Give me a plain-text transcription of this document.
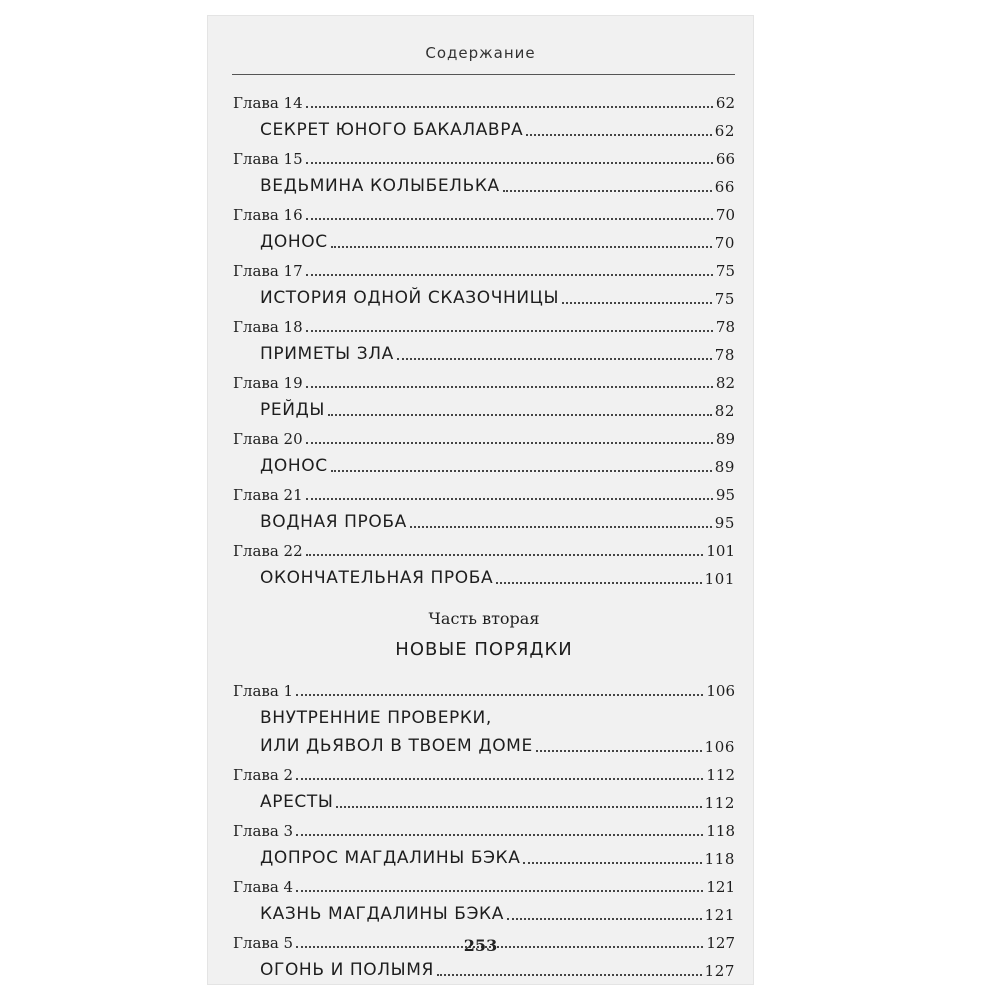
Содержание
Глава 14	62
СЕКРЕТ ЮНОГО БАКАЛАВРА	62
Глава 15	66
ВЕДЬМИНА КОЛЫБЕЛЬКА	66
Глава 16	70
ДОНОС	70
Глава 17	75
ИСТОРИЯ ОДНОЙ СКАЗОЧНИЦЫ	75
Глава 18	78
ПРИМЕТЫ ЗЛА	78
Глава 19	82
РЕЙДЫ	82
Глава 20	89
ДОНОС	89
Глава 21	95
ВОДНАЯ ПРОБА	95
Глава 22	101
ОКОНЧАТЕЛЬНАЯ ПРОБА	101
Часть вторая
НОВЫЕ ПОРЯДКИ
Глава 1	106
ВНУТРЕННИЕ ПРОВЕРКИ,
ИЛИ ДЬЯВОЛ В ТВОЕМ ДОМЕ	106
Глава 2	112
АРЕСТЫ	112
Глава 3	118
ДОПРОС МАГДАЛИНЫ БЭКА	118
Глава 4	121
КАЗНЬ МАГДАЛИНЫ БЭКА	121
Глава 5	127
ОГОНЬ И ПОЛЫМЯ	127
253
